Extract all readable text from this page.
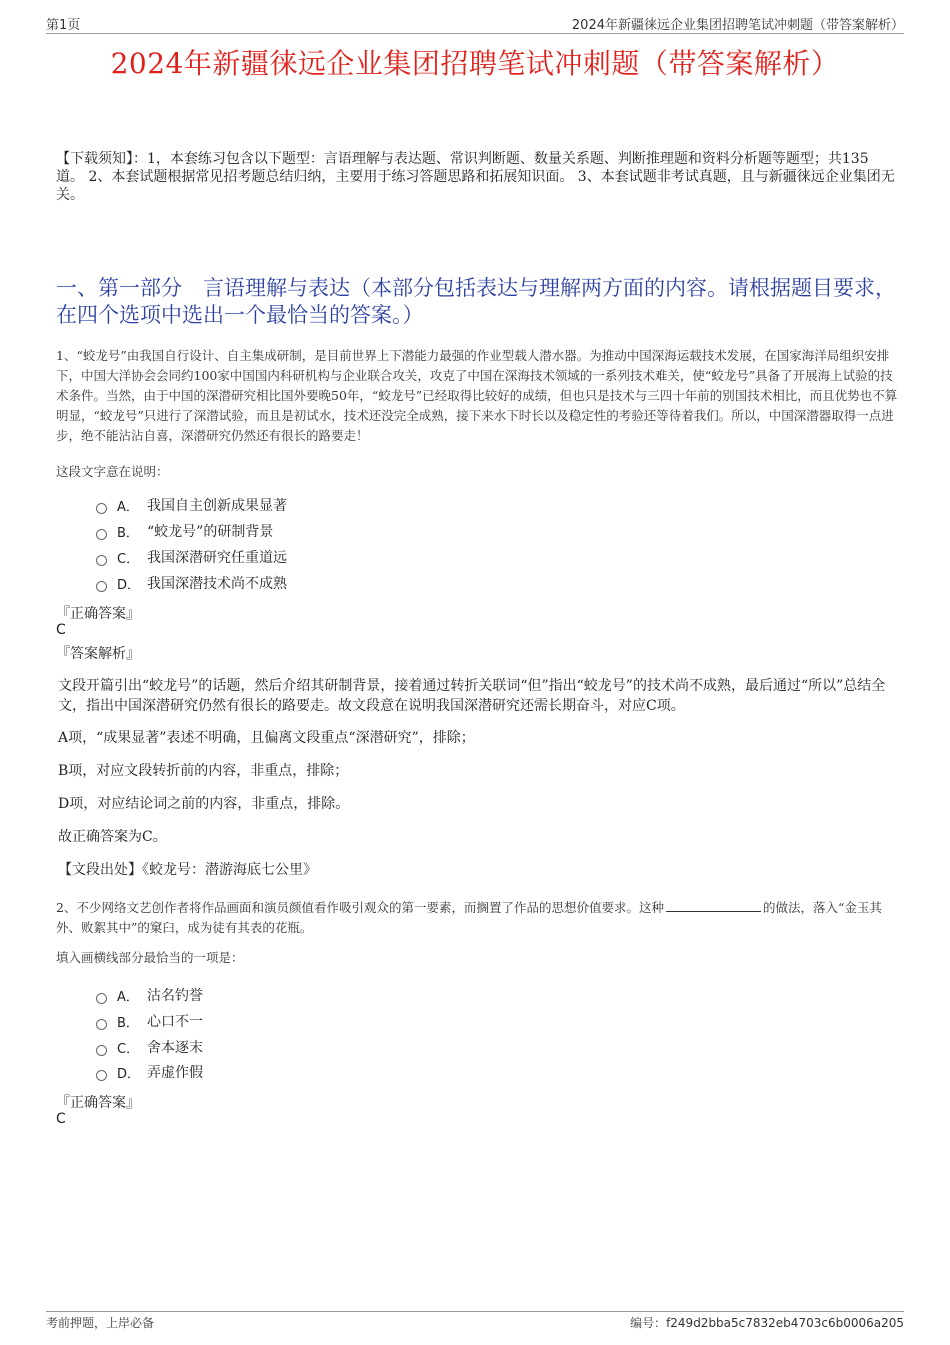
第1页	2024年新疆徕远企业集团招聘笔试冲刺题（带答案解析）
2024年新疆徕远企业集团招聘笔试冲刺题（带答案解析）
【下载须知】：1，本套练习包含以下题型：言语理解与表达题、常识判断题、数量关系题、判断推理题和资料分析题等题型；共135道。 2、本套试题根据常见招考题总结归纳，主要用于练习答题思路和拓展知识面。 3、本套试题非考试真题，且与新疆徕远企业集团无关。
一、第一部分　言语理解与表达（本部分包括表达与理解两方面的内容。请根据题目要求，在四个选项中选出一个最恰当的答案。）
1、“蛟龙号”由我国自行设计、自主集成研制，是目前世界上下潜能力最强的作业型载人潜水器。为推动中国深海运载技术发展，在国家海洋局组织安排下，中国大洋协会会同约100家中国国内科研机构与企业联合攻关，攻克了中国在深海技术领域的一系列技术难关，使“蛟龙号”具备了开展海上试验的技术条件。当然，由于中国的深潜研究相比国外要晚50年，“蛟龙号”已经取得比较好的成绩，但也只是技术与三四十年前的别国技术相比，而且优势也不算明显，“蛟龙号”只进行了深潜试验，而且是初试水，技术还没完全成熟，接下来水下时长以及稳定性的考验还等待着我们。所以，中国深潜器取得一点进步，绝不能沾沾自喜，深潜研究仍然还有很长的路要走！
这段文字意在说明：
A． 我国自主创新成果显著
B． “蛟龙号”的研制背景
C． 我国深潜研究任重道远
D． 我国深潜技术尚不成熟
『正确答案』
C
『答案解析』
文段开篇引出“蛟龙号”的话题，然后介绍其研制背景，接着通过转折关联词“但”指出“蛟龙号”的技术尚不成熟，最后通过“所以”总结全文，指出中国深潜研究仍然有很长的路要走。故文段意在说明我国深潜研究还需长期奋斗，对应C项。
A项，“成果显著”表述不明确，且偏离文段重点“深潜研究”，排除；
B项，对应文段转折前的内容，非重点，排除；
D项，对应结论词之前的内容，非重点，排除。
故正确答案为C。
【文段出处】《蛟龙号：潜游海底七公里》
2、不少网络文艺创作者将作品画面和演员颜值看作吸引观众的第一要素，而搁置了作品的思想价值要求。这种	的做法，落入“金玉其外、败絮其中”的窠臼，成为徒有其表的花瓶。
填入画横线部分最恰当的一项是：
A． 沽名钓誉
B． 心口不一
C． 舍本逐末
D． 弄虚作假
『正确答案』
C
考前押题，上岸必备	编号：f249d2bba5c7832eb4703c6b0006a205
